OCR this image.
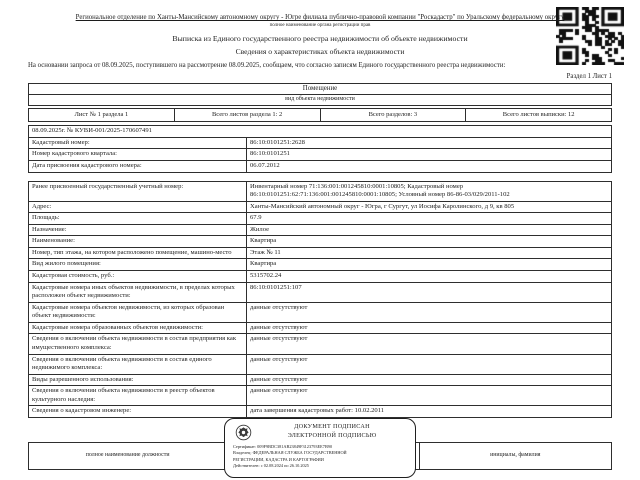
Региональное отделение по Ханты-Мансийскому автономному округу - Югре филиала публично-правовой компании "Роскадастр" по Уральскому федеральному округу
полное наименование органа регистрации прав
Выписка из Единого государственного реестра недвижимости об объекте недвижимости
Сведения о характеристиках объекта недвижимости
На основании запроса от 08.09.2025, поступившего на рассмотрение 08.09.2025, сообщаем, что согласно записям Единого государственного реестра недвижимости:
Раздел 1 Лист 1
Помещение
вид объекта недвижимости
Лист № 1 раздела 1	Всего листов раздела 1: 2	Всего разделов: 3	Всего листов выписки: 12
08.09.2025г. № КУВИ-001/2025-170607491	
Кадастровый номер:	86:10:0101251:2628
Номер кадастрового квартала:	86:10:0101251
Дата присвоения кадастрового номера:	06.07.2012
Ранее присвоенный государственный учетный номер:	Инвентарный номер 71:136:001:001245810:0001:10805; Кадастровый номер 86:10:0101251:62:71:136:001:001245810:0001:10805; Условный номер 86-86-03/029/2011-102
Адрес:	Ханты-Мансийский автономный округ - Югра, г Сургут, ул Иосифа Каролинского, д 9, кв 805
Площадь:	67.9
Назначение:	Жилое
Наименование:	Квартира
Номер, тип этажа, на котором расположено помещение, машино-место	Этаж № 11
Вид жилого помещения:	Квартира
Кадастровая стоимость, руб.:	5315702.24
Кадастровые номера иных объектов недвижимости, в пределах которых расположен объект недвижимости:	86:10:0101251:107
Кадастровые номера объектов недвижимости, из которых образован объект недвижимости:	данные отсутствуют
Кадастровые номера образованных объектов недвижимости:	данные отсутствуют
Сведения о включении объекта недвижимости в состав предприятия как имущественного комплекса:	данные отсутствуют
Сведения о включении объекта недвижимости в состав единого недвижимого комплекса:	данные отсутствуют
Виды разрешенного использования:	данные отсутствуют
Сведения о включении объекта недвижимости в реестр объектов культурного наследия:	данные отсутствуют
Сведения о кадастровом инженере:	дата завершения кадастровых работ: 10.02.2011
ДОКУМЕНТ ПОДПИСАН
ЭЛЕКТРОННОЙ ПОДПИСЬЮ
Сертификат: 009F9BDC381AB23849F3123793EE7B90
Владелец: ФЕДЕРАЛЬНАЯ СЛУЖБА ГОСУДАРСТВЕННОЙ
РЕГИСТРАЦИИ, КАДАСТРА И КАРТОГРАФИИ
Действителен: с 02.08.2024 по 26.10.2025
полное наименование должности		инициалы, фамилия
